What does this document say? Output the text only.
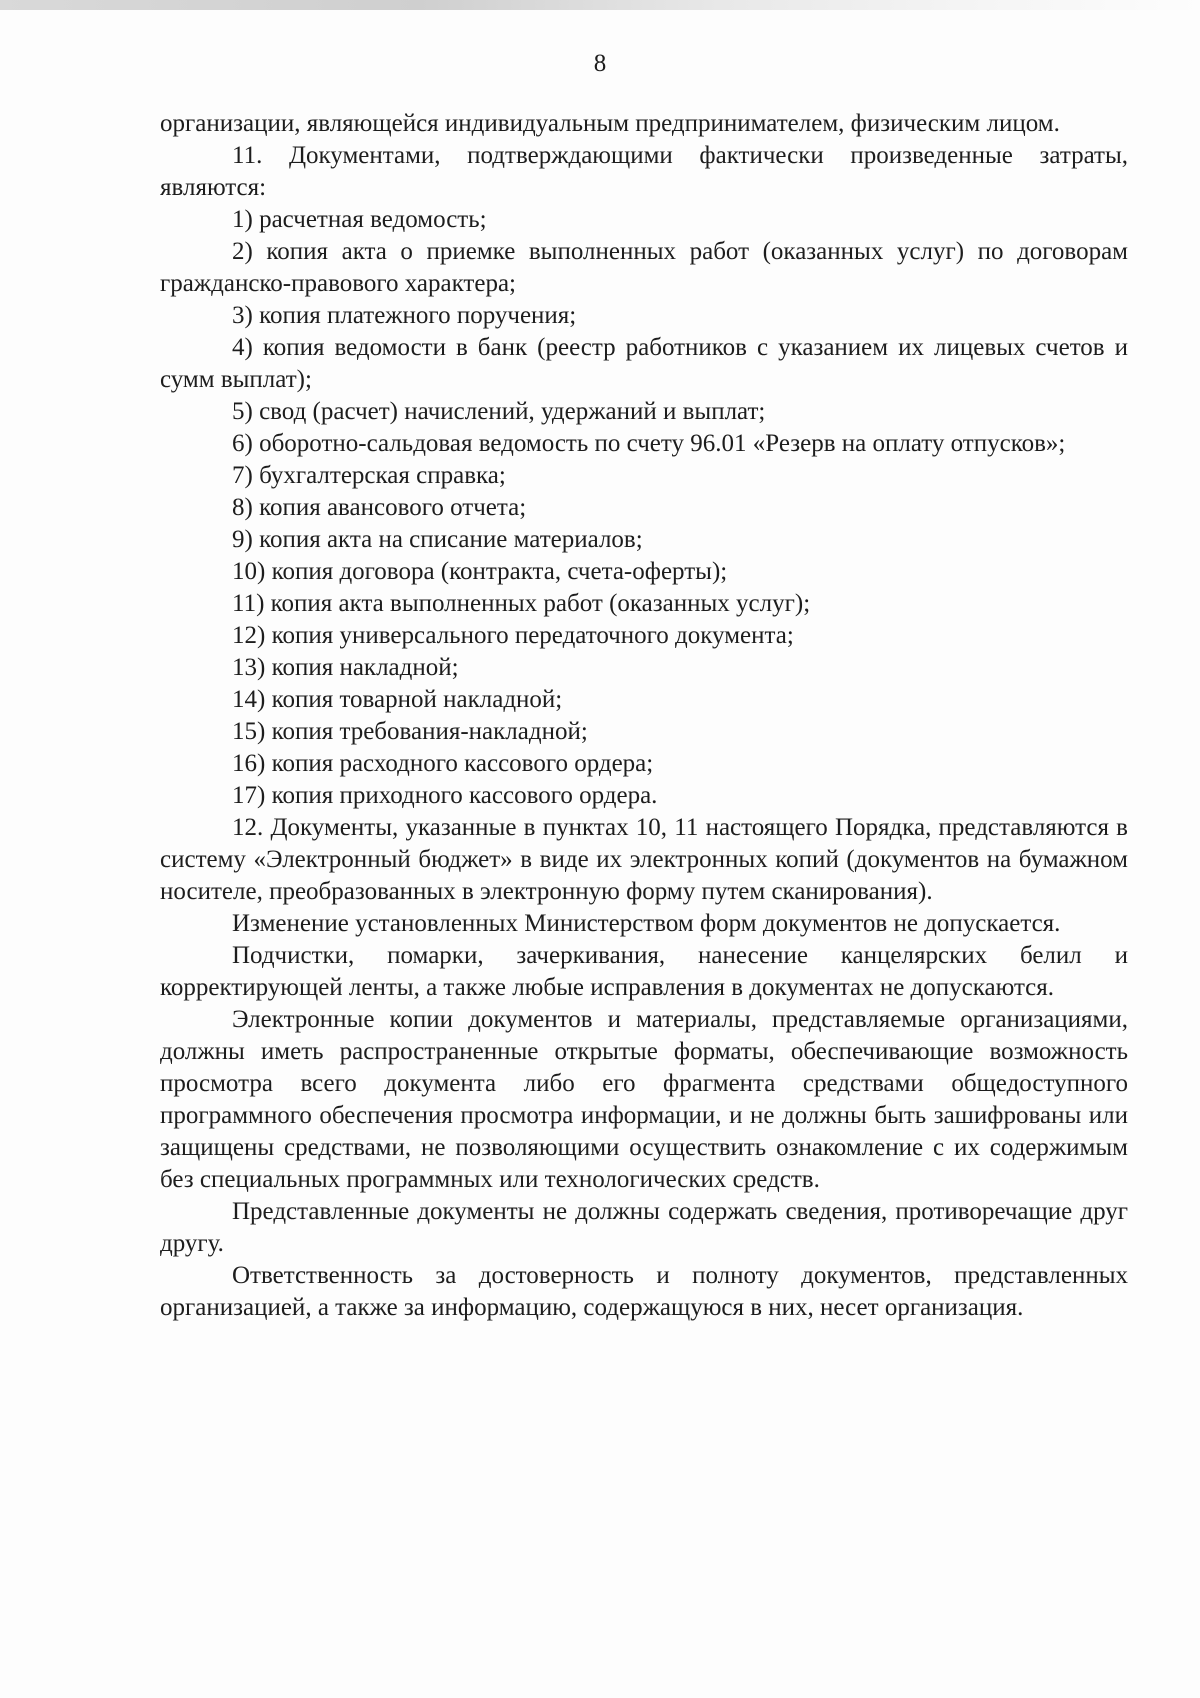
8

организации, являющейся индивидуальным предпринимателем, физическим лицом.

11. Документами, подтверждающими фактически произведенные затраты, являются:

1) расчетная ведомость;

2) копия акта о приемке выполненных работ (оказанных услуг) по договорам гражданско-правового характера;

3) копия платежного поручения;

4) копия ведомости в банк (реестр работников с указанием их лицевых счетов и сумм выплат);

5) свод (расчет) начислений, удержаний и выплат;

6) оборотно-сальдовая ведомость по счету 96.01 «Резерв на оплату отпусков»;

7) бухгалтерская справка;

8) копия авансового отчета;

9) копия акта на списание материалов;

10) копия договора (контракта, счета-оферты);

11) копия акта выполненных работ (оказанных услуг);

12) копия универсального передаточного документа;

13) копия накладной;

14) копия товарной накладной;

15) копия требования-накладной;

16) копия расходного кассового ордера;

17) копия приходного кассового ордера.

12. Документы, указанные в пунктах 10, 11 настоящего Порядка, представляются в систему «Электронный бюджет» в виде их электронных копий (документов на бумажном носителе, преобразованных в электронную форму путем сканирования).

Изменение установленных Министерством форм документов не допускается.

Подчистки, помарки, зачеркивания, нанесение канцелярских белил и корректирующей ленты, а также любые исправления в документах не допускаются.

Электронные копии документов и материалы, представляемые организациями, должны иметь распространенные открытые форматы, обеспечивающие возможность просмотра всего документа либо его фрагмента средствами общедоступного программного обеспечения просмотра информации, и не должны быть зашифрованы или защищены средствами, не позволяющими осуществить ознакомление с их содержимым без специальных программных или технологических средств.

Представленные документы не должны содержать сведения, противоречащие друг другу.

Ответственность за достоверность и полноту документов, представленных организацией, а также за информацию, содержащуюся в них, несет организация.
